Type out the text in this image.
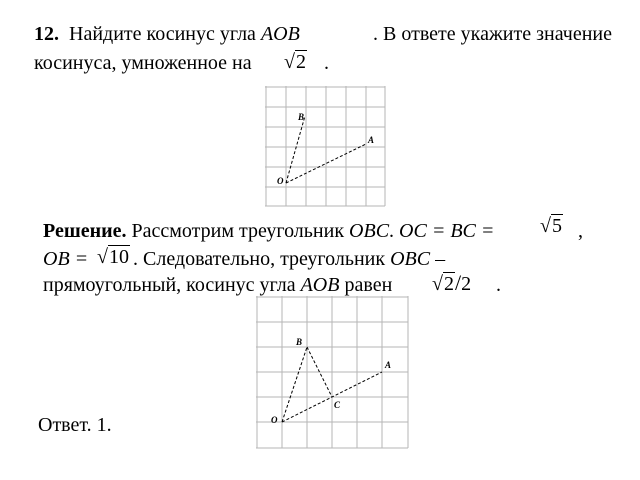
12. Найдите косинус угла AOB	. В ответе укажите значение
косинуса, умноженное на √2 .
B
A
O
Решение. Рассмотрим треугольник OBC. OC = BC = √5 ,
OB = √10 . Следовательно, треугольник OBC –
прямоугольный, косинус угла AOB равен √2/2 .
B
A
C
O
Ответ. 1.
